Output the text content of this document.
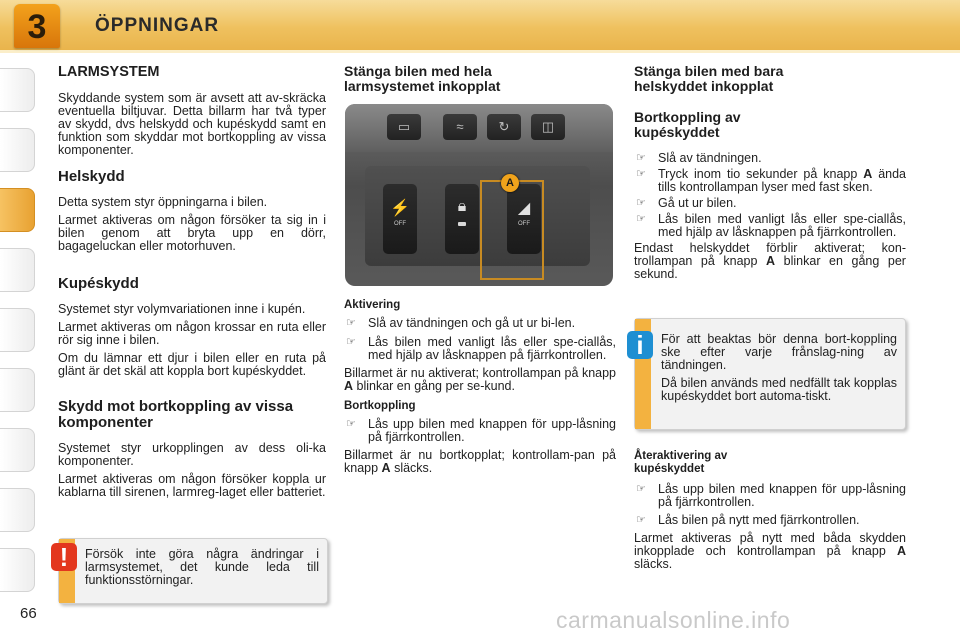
3	ÖPPNINGAR
LARMSYSTEM

Skyddande system som är avsett att av-skräcka eventuella biltjuvar. Detta billarm har två typer av skydd, dvs helskydd och kupéskydd samt en funktion som skyddar mot bortkoppling av vissa komponenter.

Helskydd

Detta system styr öppningarna i bilen.

Larmet aktiveras om någon försöker ta sig in i bilen genom att bryta upp en dörr, bagageluckan eller motorhuven.

Kupéskydd

Systemet styr volymvariationen inne i kupén.

Larmet aktiveras om någon krossar en ruta eller rör sig inne i bilen.

Om du lämnar ett djur i bilen eller en ruta på glänt är det skäl att koppla bort kupéskyddet.

Skydd mot bortkoppling av vissa komponenter

Systemet styr urkopplingen av dess oli-ka komponenter.

Larmet aktiveras om någon försöker koppla ur kablarna till sirenen, larmreg-laget eller batteriet.

!	Försök inte göra några ändringar i larmsystemet, det kunde leda till funktionsstörningar.

Stänga bilen med hela larmsystemet inkopplat
▭	≈	↻	◫
⚡
OFF
🔒︎	◢
OFF
A
Aktivering
☞ Slå av tändningen och gå ut ur bi-len.
☞ Lås bilen med vanligt lås eller spe-ciallås, med hjälp av låsknappen på fjärrkontrollen.

Billarmet är nu aktiverat; kontrollampan på knapp A blinkar en gång per se-kund.

Bortkoppling
☞ Lås upp bilen med knappen för upp-låsning på fjärrkontrollen.

Billarmet är nu bortkopplat; kontrollam-pan på knapp A släcks.

Stänga bilen med bara helskyddet inkopplat
Bortkoppling av kupéskyddet
☞ Slå av tändningen.
☞ Tryck inom tio sekunder på knapp A ända tills kontrollampan lyser med fast sken.
☞ Gå ut ur bilen.
☞ Lås bilen med vanligt lås eller spe-ciallås, med hjälp av låsknappen på fjärrkontrollen.

Endast helskyddet förblir aktiverat; kon-trollampan på knapp A blinkar en gång per sekund.

i	För att beaktas bör denna bort-koppling ske efter varje frånslag-ning av tändningen.

Då bilen används med nedfällt tak kopplas kupéskyddet bort automa-tiskt.

Återaktivering av kupéskyddet
☞ Lås upp bilen med knappen för upp-låsning på fjärrkontrollen.
☞ Lås bilen på nytt med fjärrkontrollen.

Larmet aktiveras på nytt med båda skydden inkopplade och kontrollampan på knapp A släcks.

66	carmanualsonline.info
